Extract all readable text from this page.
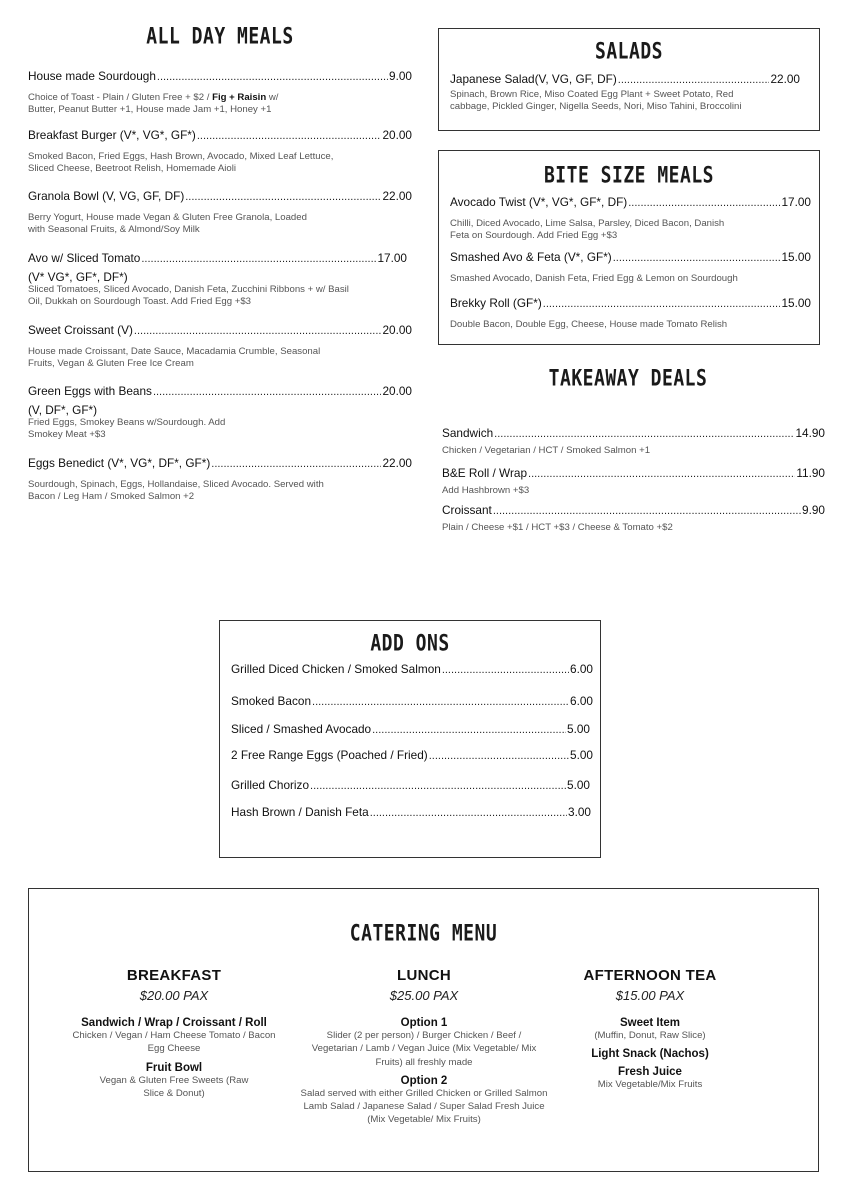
ALL DAY MEALS
House made Sourdough .....	9.00
Choice of Toast - Plain / Gluten Free + $2 / Fig + Raisin w/
Butter, Peanut Butter +1, House made Jam +1, Honey +1
Breakfast Burger (V*, VG*, GF*) .....	20.00
Smoked Bacon, Fried Eggs, Hash Brown, Avocado, Mixed Leaf Lettuce, Sliced Cheese, Beetroot Relish, Homemade Aioli
Granola Bowl (V, VG, GF, DF) .....	22.00
Berry Yogurt, House made Vegan & Gluten Free Granola, Loaded with Seasonal Fruits, & Almond/Soy Milk
Avo w/ Sliced Tomato .....	17.00
(V* VG*, GF*, DF*)
Sliced Tomatoes, Sliced Avocado, Danish Feta, Zucchini Ribbons + w/ Basil Oil, Dukkah on Sourdough Toast. Add Fried Egg +$3
Sweet Croissant (V) .....	20.00
House made Croissant, Date Sauce, Macadamia Crumble, Seasonal Fruits, Vegan & Gluten Free Ice Cream
Green Eggs with Beans .....	20.00
(V, DF*, GF*)
Fried Eggs, Smokey Beans w/Sourdough. Add Smokey Meat +$3
Eggs Benedict (V*, VG*, DF*, GF*) .....	22.00
Sourdough, Spinach, Eggs, Hollandaise, Sliced Avocado. Served with Bacon / Leg Ham / Smoked Salmon +2
SALADS
Japanese Salad(V, VG, GF, DF) .....	22.00
Spinach, Brown Rice, Miso Coated Egg Plant + Sweet Potato, Red cabbage, Pickled Ginger, Nigella Seeds, Nori, Miso Tahini, Broccolini
BITE SIZE MEALS
Avocado Twist (V*, VG*, GF*, DF) .....	17.00
Chilli, Diced Avocado, Lime Salsa, Parsley, Diced Bacon, Danish Feta on Sourdough. Add Fried Egg +$3
Smashed Avo & Feta (V*, GF*) .....	15.00
Smashed Avocado, Danish Feta, Fried Egg & Lemon on Sourdough
Brekky Roll (GF*) .....	15.00
Double Bacon, Double Egg, Cheese, House made Tomato Relish
TAKEAWAY DEALS
Sandwich .....	14.90
Chicken / Vegetarian / HCT / Smoked Salmon +1
B&E Roll / Wrap .....	11.90
Add Hashbrown +$3
Croissant .....	9.90
Plain / Cheese +$1 / HCT +$3 / Cheese & Tomato +$2
ADD ONS
Grilled Diced Chicken / Smoked Salmon .....	6.00
Smoked Bacon .....	6.00
Sliced / Smashed Avocado .....	5.00
2 Free Range Eggs (Poached / Fried) .....	5.00
Grilled Chorizo .....	5.00
Hash Brown / Danish Feta .....	3.00
CATERING MENU
BREAKFAST
$20.00 PAX
Sandwich / Wrap / Croissant / Roll
Chicken / Vegan / Ham Cheese Tomato / Bacon Egg Cheese
Fruit Bowl
Vegan & Gluten Free Sweets (Raw Slice & Donut)
LUNCH
$25.00 PAX
Option 1
Slider (2 per person) / Burger Chicken / Beef / Vegetarian / Lamb / Vegan Juice (Mix Vegetable/ Mix Fruits) all freshly made
Option 2
Salad served with either Grilled Chicken or Grilled Salmon Lamb Salad / Japanese Salad / Super Salad Fresh Juice (Mix Vegetable/ Mix Fruits)
AFTERNOON TEA
$15.00 PAX
Sweet Item
(Muffin, Donut, Raw Slice)
Light Snack (Nachos)
Fresh Juice
Mix Vegetable/Mix Fruits
